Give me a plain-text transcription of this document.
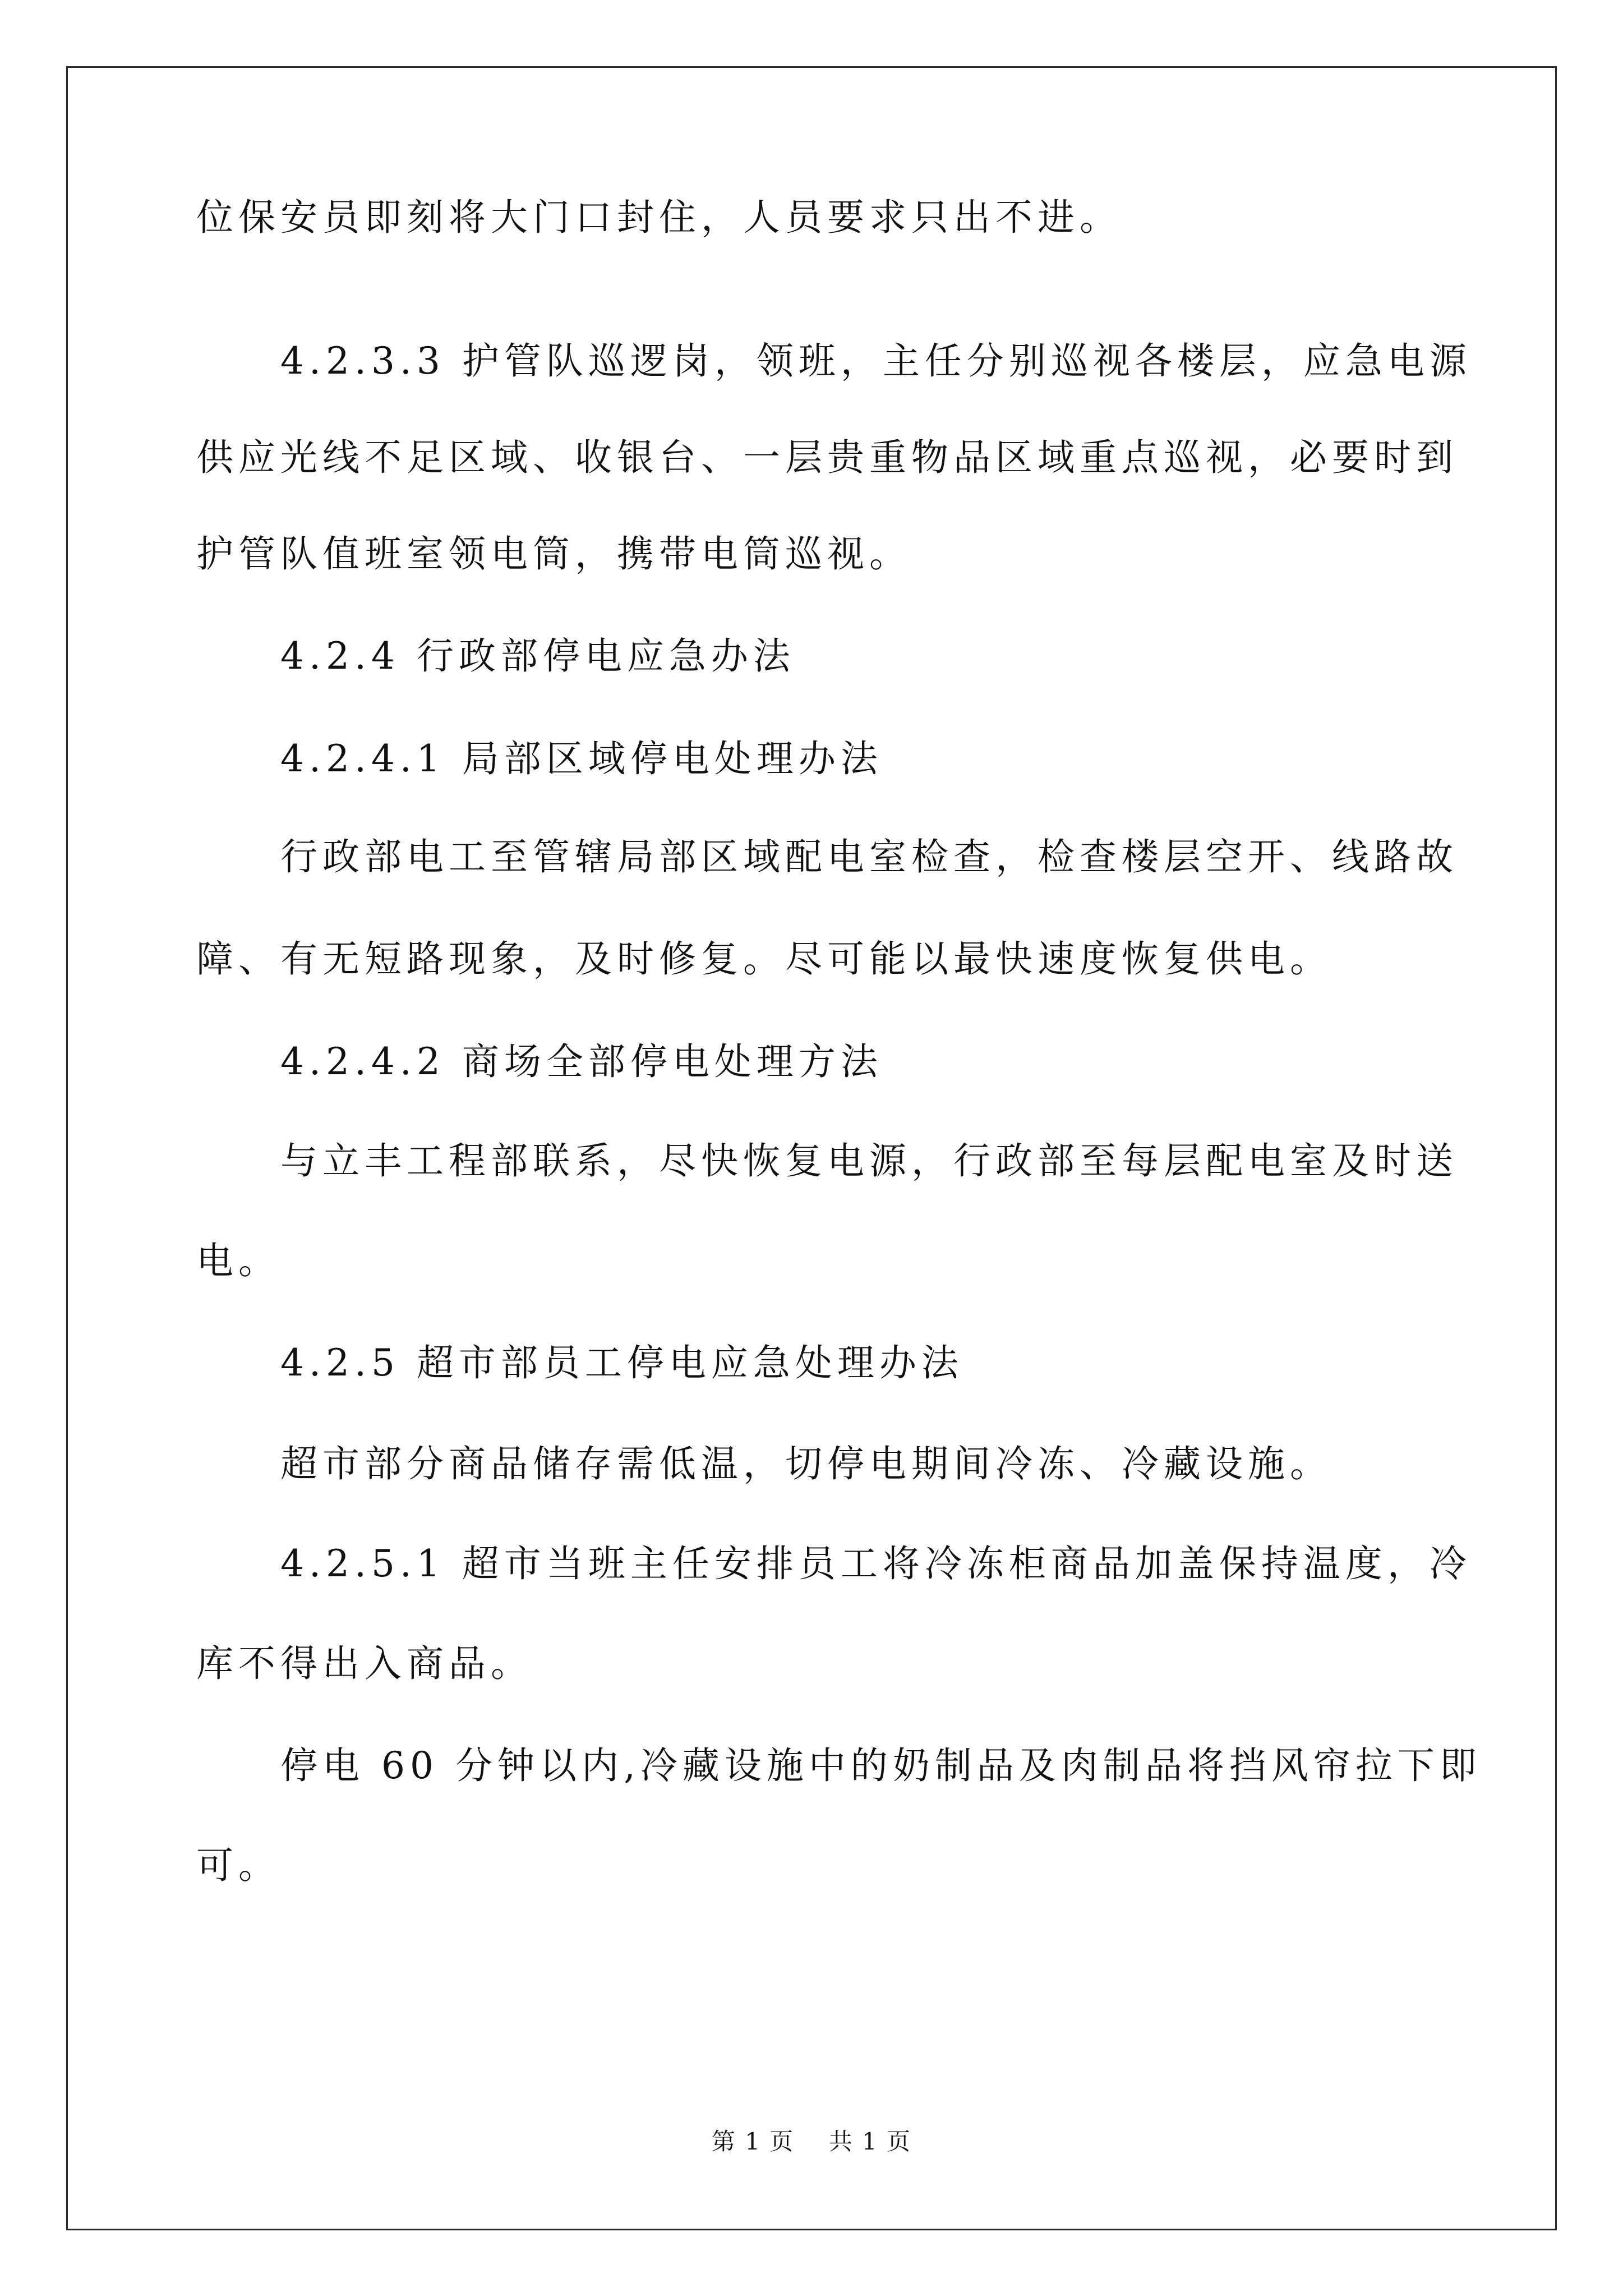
位保安员即刻将大门口封住，人员要求只出不进。
4.2.3.3 护管队巡逻岗，领班，主任分别巡视各楼层，应急电源
供应光线不足区域、收银台、一层贵重物品区域重点巡视，必要时到
护管队值班室领电筒，携带电筒巡视。
4.2.4 行政部停电应急办法
4.2.4.1 局部区域停电处理办法
行政部电工至管辖局部区域配电室检查，检查楼层空开、线路故
障、有无短路现象，及时修复。尽可能以最快速度恢复供电。
4.2.4.2 商场全部停电处理方法
与立丰工程部联系，尽快恢复电源，行政部至每层配电室及时送
电。
4.2.5 超市部员工停电应急处理办法
超市部分商品储存需低温，切停电期间冷冻、冷藏设施。
4.2.5.1 超市当班主任安排员工将冷冻柜商品加盖保持温度，冷
库不得出入商品。
停电 60 分钟以内,冷藏设施中的奶制品及肉制品将挡风帘拉下即
可。
第 1 页    共 1 页
